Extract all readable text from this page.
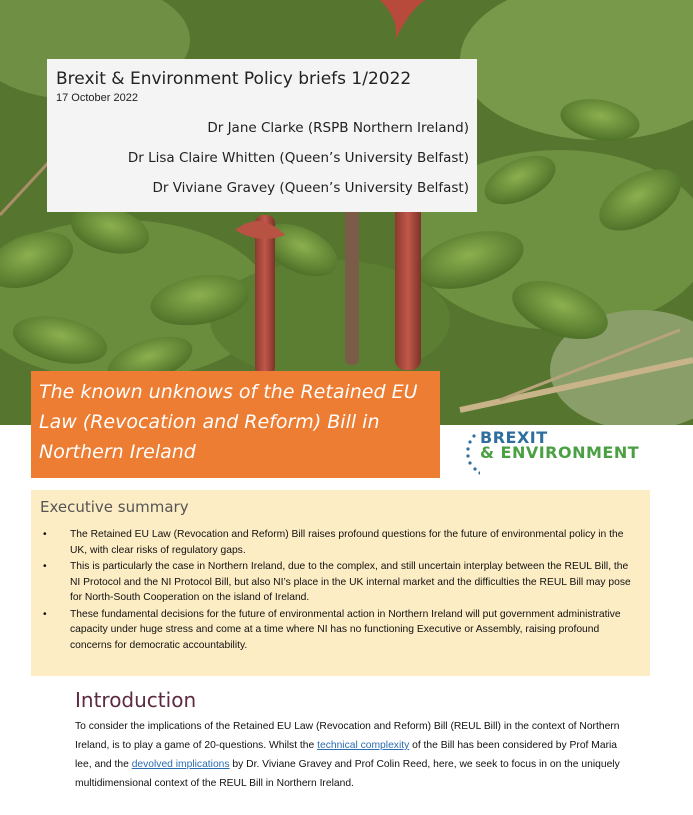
Brexit & Environment Policy briefs 1/2022
17 October 2022
Dr Jane Clarke (RSPB Northern Ireland)
Dr Lisa Claire Whitten (Queen’s University Belfast)
Dr Viviane Gravey (Queen’s University Belfast)
The known unknows of the Retained EU Law (Revocation and Reform) Bill in Northern Ireland
BREXIT
& ENVIRONMENT
Executive summary
• The Retained EU Law (Revocation and Reform) Bill raises profound questions for the future of environmental policy in the UK, with clear risks of regulatory gaps.
• This is particularly the case in Northern Ireland, due to the complex, and still uncertain interplay between the REUL Bill, the NI Protocol and the NI Protocol Bill, but also NI’s place in the UK internal market and the difficulties the REUL Bill may pose for North-South Cooperation on the island of Ireland.
• These fundamental decisions for the future of environmental action in Northern Ireland will put government administrative capacity under huge stress and come at a time where NI has no functioning Executive or Assembly, raising profound concerns for democratic accountability.
Introduction
To consider the implications of the Retained EU Law (Revocation and Reform) Bill (REUL Bill) in the context of Northern Ireland, is to play a game of 20-questions. Whilst the technical complexity of the Bill has been considered by Prof Maria lee, and the devolved implications by Dr. Viviane Gravey and Prof Colin Reed, here, we seek to focus in on the uniquely multidimensional context of the REUL Bill in Northern Ireland.
